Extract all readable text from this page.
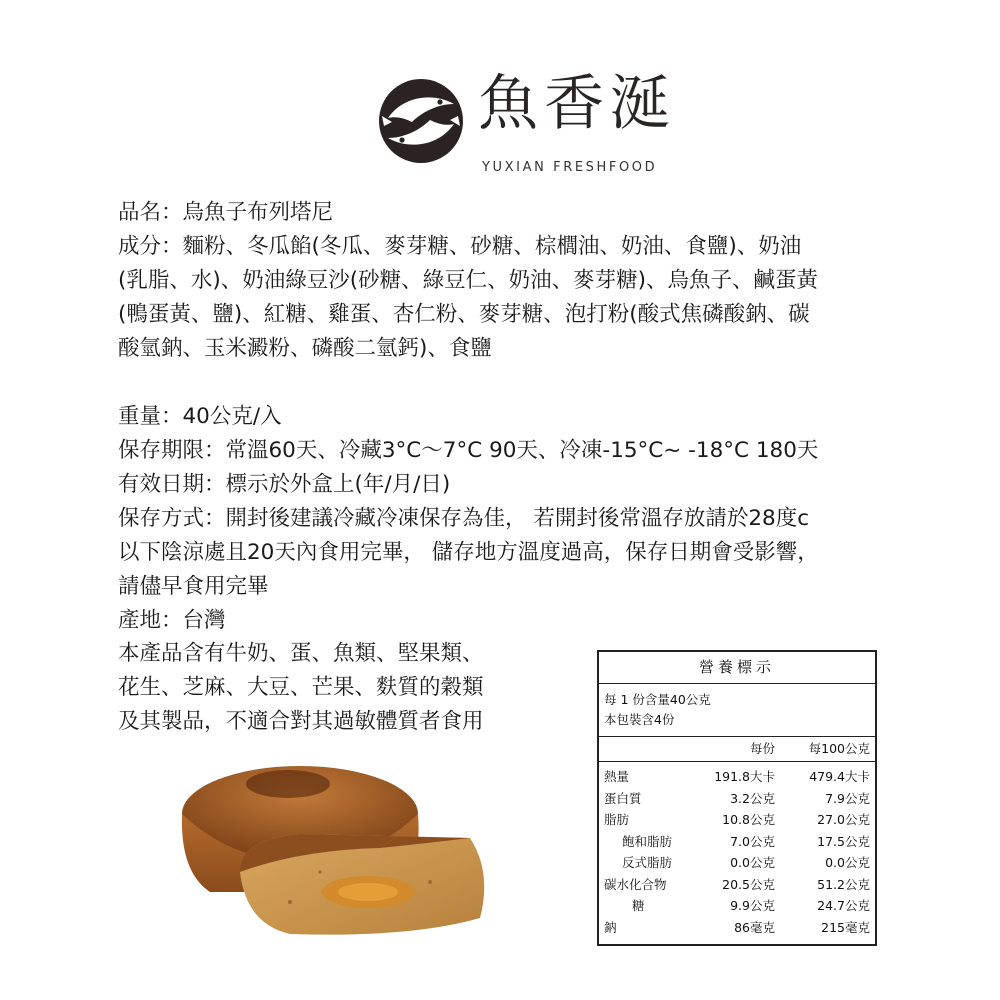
魚香涎
YUXIAN FRESHFOOD

品名：烏魚子布列塔尼

成分：麵粉、冬瓜餡(冬瓜、麥芽糖、砂糖、棕櫚油、奶油、食鹽)、奶油

(乳脂、水)、奶油綠豆沙(砂糖、綠豆仁、奶油、麥芽糖)、烏魚子、鹹蛋黃

(鴨蛋黃、鹽)、紅糖、雞蛋、杏仁粉、麥芽糖、泡打粉(酸式焦磷酸鈉、碳

酸氫鈉、玉米澱粉、磷酸二氫鈣)、食鹽

重量：40公克/入

保存期限：常溫60天、冷藏3°C～7°C 90天、冷凍-15°C~ -18°C 180天

有效日期：標示於外盒上(年/月/日)

保存方式：開封後建議冷藏冷凍保存為佳， 若開封後常溫存放請於28度c

以下陰涼處且20天內食用完畢， 儲存地方溫度過高，保存日期會受影響，

請儘早食用完畢

產地：台灣

本產品含有牛奶、蛋、魚類、堅果類、

花生、芝麻、大豆、芒果、麩質的穀類

及其製品，不適合對其過敏體質者食用

營養標示
每 1 份含量40公克
本包裝含4份
每份	每100公克
熱量	191.8大卡	479.4大卡
蛋白質	3.2公克	7.9公克
脂肪	10.8公克	27.0公克
飽和脂肪	7.0公克	17.5公克
反式脂肪	0.0公克	0.0公克
碳水化合物	20.5公克	51.2公克
糖	9.9公克	24.7公克
鈉	86毫克	215毫克
